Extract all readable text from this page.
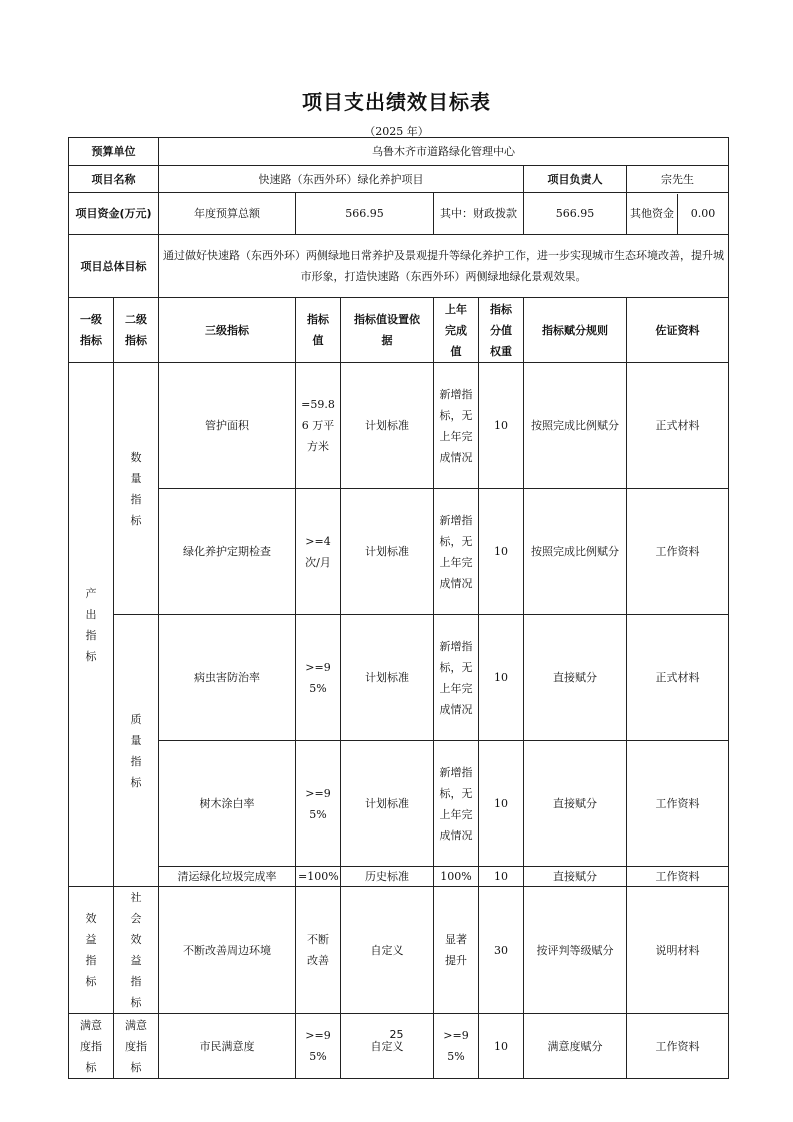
项目支出绩效目标表
（2025 年）
预算单位		乌鲁木齐市道路绿化管理中心						
项目名称		快速路（东西外环）绿化养护项目					项目负责人	宗先生
项目资金(万元)		年度预算总额	566.95		其中：财政拨款		566.95	其他资金 0.00

项目总体目标		通过做好快速路（东西外环）两侧绿地日常养护及景观提升等绿化养护工作，进一步实现城市生态环境改善，提升城市形象，打造快速路（东西外环）两侧绿地绿化景观效果。						
一级指标	二级指标	三级指标	指标值	指标值设置依据	上年完成值	指标分值权重	指标赋分规则	佐证资料
产出指标	数量指标	管护面积	=59.86 万平方米	计划标准	新增指标，无上年完成情况	10	按照完成比例赋分	正式材料
		绿化养护定期检查	>=4 次/月	计划标准	新增指标，无上年完成情况	10	按照完成比例赋分	工作资料
	质量指标	病虫害防治率	>=95%	计划标准	新增指标，无上年完成情况	10	直接赋分	正式材料
		树木涂白率	>=95%	计划标准	新增指标，无上年完成情况	10	直接赋分	工作资料
		清运绿化垃圾完成率	=100%	历史标准	100%	10	直接赋分	工作资料
效益指标	社会效益指标	不断改善周边环境	不断改善	自定义	显著提升	30	按评判等级赋分	说明材料
满意度指标	满意度指标	市民满意度	>=95%	自定义	>=95%	10	满意度赋分	工作资料
25
